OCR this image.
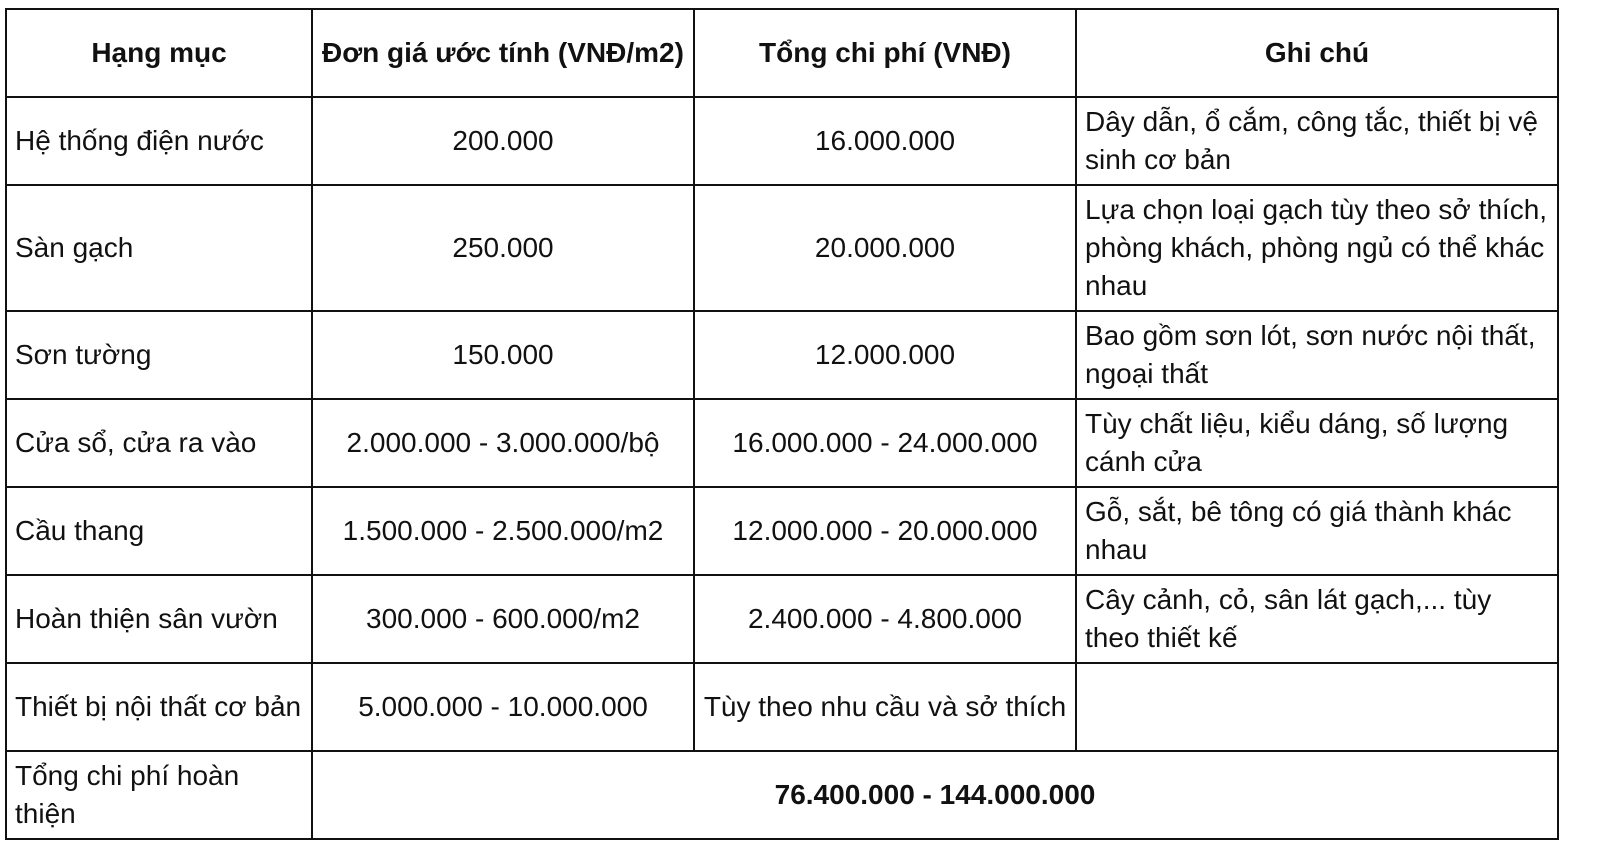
Hạng mục	Đơn giá ước tính (VNĐ/m2)	Tổng chi phí (VNĐ)	Ghi chú
Hệ thống điện nước	200.000	16.000.000	Dây dẫn, ổ cắm, công tắc, thiết bị vệ sinh cơ bản
Sàn gạch	250.000	20.000.000	Lựa chọn loại gạch tùy theo sở thích, phòng khách, phòng ngủ có thể khác nhau
Sơn tường	150.000	12.000.000	Bao gồm sơn lót, sơn nước nội thất, ngoại thất
Cửa sổ, cửa ra vào	2.000.000 - 3.000.000/bộ	16.000.000 - 24.000.000	Tùy chất liệu, kiểu dáng, số lượng cánh cửa
Cầu thang	1.500.000 - 2.500.000/m2	12.000.000 - 20.000.000	Gỗ, sắt, bê tông có giá thành khác nhau
Hoàn thiện sân vườn	300.000 - 600.000/m2	2.400.000 - 4.800.000	Cây cảnh, cỏ, sân lát gạch,... tùy theo thiết kế
Thiết bị nội thất cơ bản	5.000.000 - 10.000.000	Tùy theo nhu cầu và sở thích	
Tổng chi phí hoàn thiện	76.400.000 - 144.000.000		
